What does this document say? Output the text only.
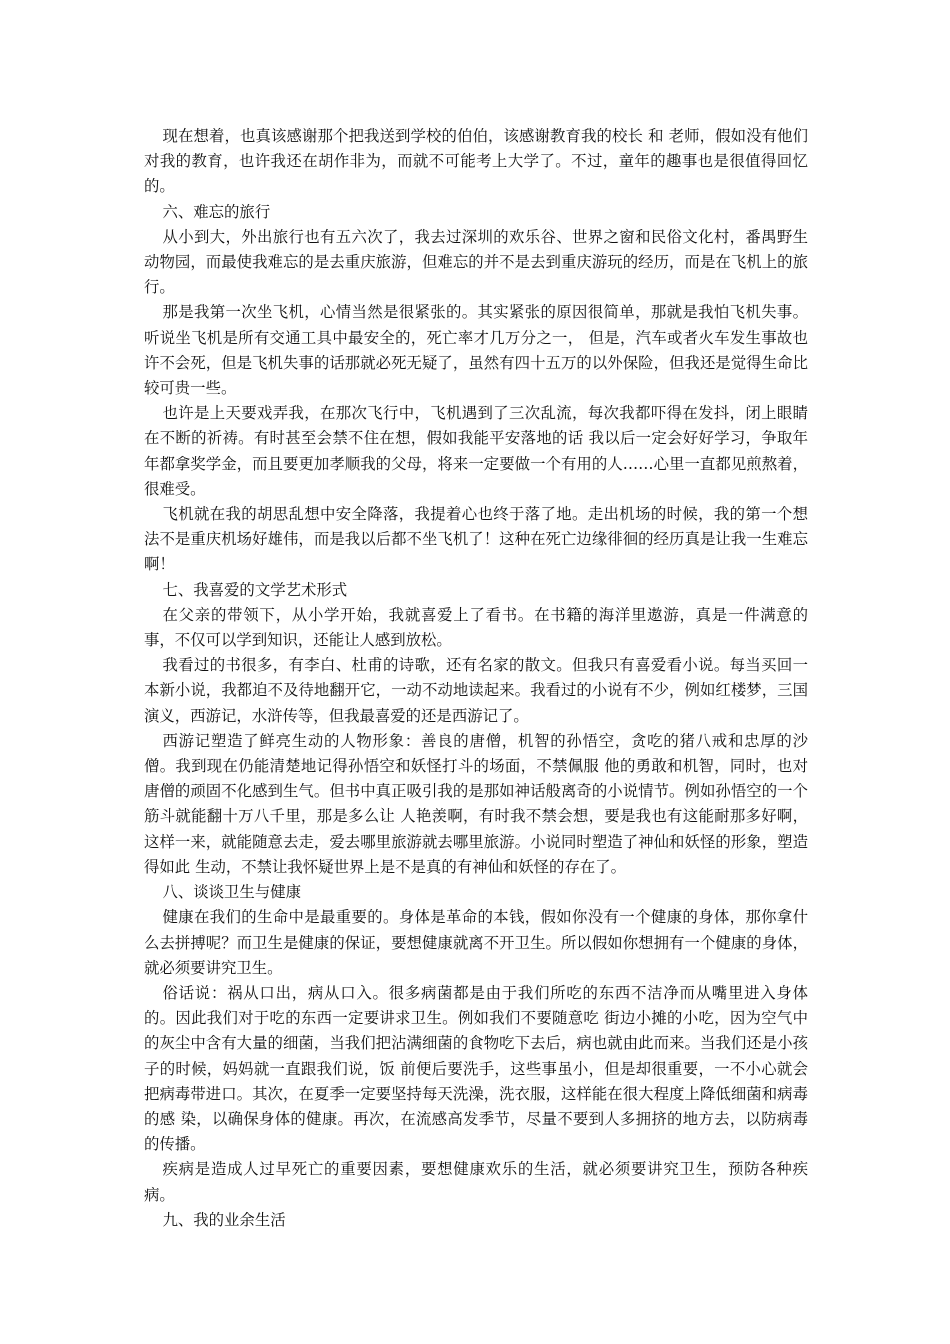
现在想着，也真该感谢那个把我送到学校的伯伯，该感谢教育我的校长 和 老师，假如没有他们对我的教育，也许我还在胡作非为，而就不可能考上大学了。不过，童年的趣事也是很值得回忆的。

六、难忘的旅行

从小到大，外出旅行也有五六次了，我去过深圳的欢乐谷、世界之窗和民俗文化村，番禺野生动物园，而最使我难忘的是去重庆旅游，但难忘的并不是去到重庆游玩的经历，而是在飞机上的旅行。

那是我第一次坐飞机，心情当然是很紧张的。其实紧张的原因很简单，那就是我怕飞机失事。听说坐飞机是所有交通工具中最安全的，死亡率才几万分之一， 但是，汽车或者火车发生事故也许不会死，但是飞机失事的话那就必死无疑了，虽然有四十五万的以外保险，但我还是觉得生命比较可贵一些。

也许是上天要戏弄我，在那次飞行中，飞机遇到了三次乱流，每次我都吓得在发抖，闭上眼睛在不断的祈祷。有时甚至会禁不住在想，假如我能平安落地的话 我以后一定会好好学习，争取年年都拿奖学金，而且要更加孝顺我的父母，将来一定要做一个有用的人……心里一直都见煎熬着，很难受。

飞机就在我的胡思乱想中安全降落，我提着心也终于落了地。走出机场的时候，我的第一个想法不是重庆机场好雄伟，而是我以后都不坐飞机了！这种在死亡边缘徘徊的经历真是让我一生难忘啊！

七、我喜爱的文学艺术形式

在父亲的带领下，从小学开始，我就喜爱上了看书。在书籍的海洋里遨游，真是一件满意的事，不仅可以学到知识，还能让人感到放松。

我看过的书很多，有李白、杜甫的诗歌，还有名家的散文。但我只有喜爱看小说。每当买回一本新小说，我都迫不及待地翻开它，一动不动地读起来。我看过的小说有不少，例如红楼梦，三国演义，西游记，水浒传等，但我最喜爱的还是西游记了。

西游记塑造了鲜亮生动的人物形象：善良的唐僧，机智的孙悟空，贪吃的猪八戒和忠厚的沙僧。我到现在仍能清楚地记得孙悟空和妖怪打斗的场面，不禁佩服 他的勇敢和机智，同时，也对唐僧的顽固不化感到生气。但书中真正吸引我的是那如神话般离奇的小说情节。例如孙悟空的一个筋斗就能翻十万八千里，那是多么让 人艳羡啊，有时我不禁会想，要是我也有这能耐那多好啊，这样一来，就能随意去走，爱去哪里旅游就去哪里旅游。小说同时塑造了神仙和妖怪的形象，塑造得如此 生动，不禁让我怀疑世界上是不是真的有神仙和妖怪的存在了。

八、谈谈卫生与健康

健康在我们的生命中是最重要的。身体是革命的本钱，假如你没有一个健康的身体，那你拿什么去拼搏呢？而卫生是健康的保证，要想健康就离不开卫生。所以假如你想拥有一个健康的身体，就必须要讲究卫生。

俗话说：祸从口出，病从口入。很多病菌都是由于我们所吃的东西不洁净而从嘴里进入身体的。因此我们对于吃的东西一定要讲求卫生。例如我们不要随意吃 街边小摊的小吃，因为空气中的灰尘中含有大量的细菌，当我们把沾满细菌的食物吃下去后，病也就由此而来。当我们还是小孩子的时候，妈妈就一直跟我们说，饭 前便后要洗手，这些事虽小，但是却很重要，一不小心就会把病毒带进口。其次，在夏季一定要坚持每天洗澡，洗衣服，这样能在很大程度上降低细菌和病毒的感 染，以确保身体的健康。再次，在流感高发季节，尽量不要到人多拥挤的地方去，以防病毒的传播。

疾病是造成人过早死亡的重要因素，要想健康欢乐的生活，就必须要讲究卫生，预防各种疾病。

九、我的业余生活
